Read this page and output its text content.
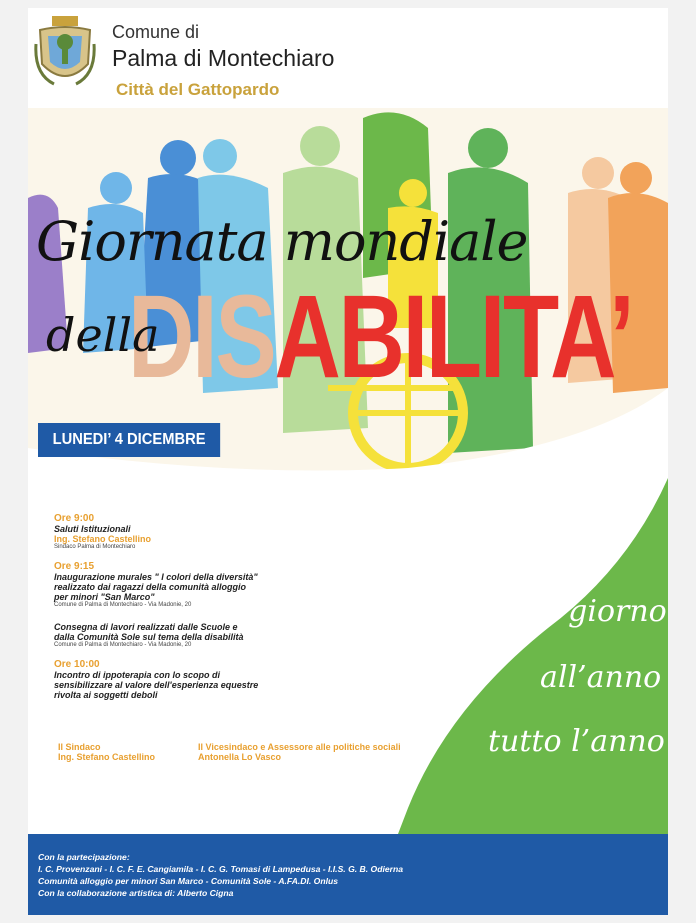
Comune di
Palma di Montechiaro
Città del Gattopardo
Giornata mondiale
della
DISABILITA’
LUNEDI’ 4 DICEMBRE 2023
Ore 9:00
Saluti Istituzionali
Ing. Stefano Castellino
Sindaco Palma di Montechiaro
Ore 9:15
Inaugurazione murales " I colori della diversità"
realizzato dai ragazzi della comunità alloggio
per minori "San Marco"
Comune di Palma di Montechiaro - Via Madonie, 20
Consegna di lavori realizzati dalle Scuole e
dalla Comunità Sole sul tema della disabilità
Comune di Palma di Montechiaro - Via Madonie, 20
Ore 10:00
Incontro di ippoterapia con lo scopo di
sensibilizzare al valore dell'esperienza equestre
rivolta ai soggetti deboli
Il Sindaco
Ing. Stefano Castellino
Il Vicesindaco e Assessore alle politiche sociali
Antonella Lo Vasco
Un giorno
all’anno
tutto l’anno
Con la partecipazione:
I. C. Provenzani - I. C. F. E. Cangiamila - I. C. G. Tomasi di Lampedusa - I.I.S. G. B. Odierna
Comunità alloggio per minori San Marco - Comunità Sole - A.FA.DI. Onlus
Con la collaborazione artistica di: Alberto Cigna
